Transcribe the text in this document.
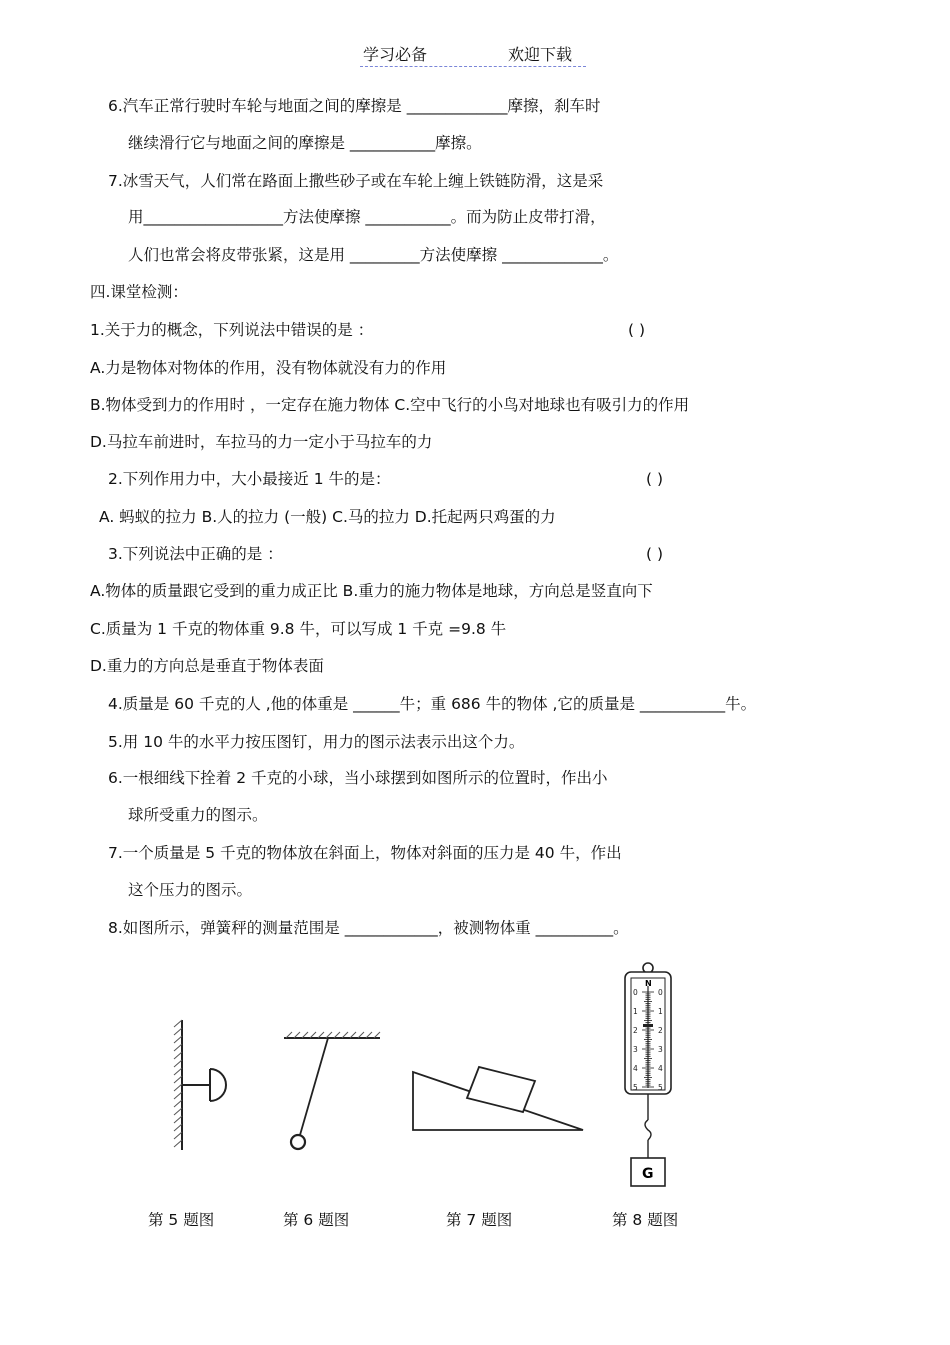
学习必备	欢迎下载
6.汽车正常行驶时车轮与地面之间的摩擦是 _____________摩擦，刹车时
继续滑行它与地面之间的摩擦是 ___________摩擦。
7.冰雪天气，人们常在路面上撒些砂子或在车轮上缠上铁链防滑，这是采
用__________________方法使摩擦 ___________。而为防止皮带打滑，
人们也常会将皮带张紧，这是用 _________方法使摩擦 _____________。
四.课堂检测：
1.关于力的概念，下列说法中错误的是 ：	( )
A.力是物体对物体的作用，没有物体就没有力的作用
B.物体受到力的作用时 ，一定存在施力物体 C.空中飞行的小鸟对地球也有吸引力的作用
D.马拉车前进时，车拉马的力一定小于马拉车的力
2.下列作用力中，大小最接近 1 牛的是：	( )
A. 蚂蚁的拉力 B.人的拉力 (一般) C.马的拉力 D.托起两只鸡蛋的力
3.下列说法中正确的是 ：	( )
A.物体的质量跟它受到的重力成正比 B.重力的施力物体是地球，方向总是竖直向下
C.质量为 1 千克的物体重 9.8 牛，可以写成 1 千克 =9.8 牛
D.重力的方向总是垂直于物体表面
4.质量是 60 千克的人 ,他的体重是 ______牛；重 686 牛的物体 ,它的质量是 ___________牛。
5.用 10 牛的水平力按压图钉，用力的图示法表示出这个力。
6.一根细线下拴着 2 千克的小球，当小球摆到如图所示的位置时，作出小
球所受重力的图示。
7.一个质量是 5 千克的物体放在斜面上，物体对斜面的压力是 40 牛，作出
这个压力的图示。
8.如图所示，弹簧秤的测量范围是 ____________，被测物体重 __________。
N
0
1
2
3
4
5
0
1
2
3
4
5
G
第 5 题图	第 6 题图	第 7 题图	第 8 题图
